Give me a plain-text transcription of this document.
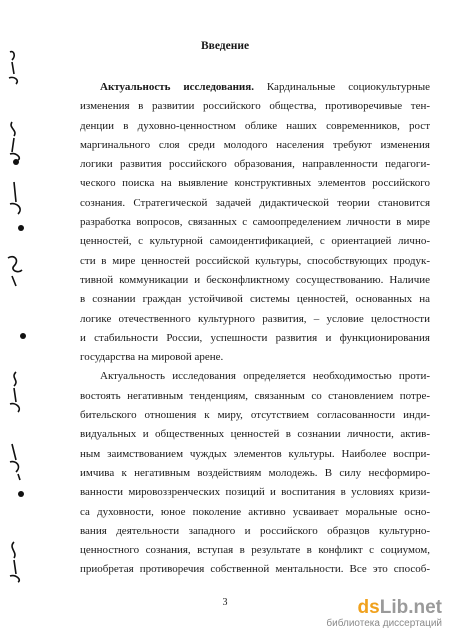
Введение
Актуальность исследования. Кардинальные социокультурные
изменения в развитии российского общества, противоречивые тен-
денции в духовно-ценностном облике наших современников, рост
маргинального слоя среди молодого населения требуют изменения
логики развития российского образования, направленности педагоги-
ческого поиска на выявление конструктивных элементов российского
сознания. Стратегической задачей дидактической теории становится
разработка вопросов, связанных с самоопределением личности в мире
ценностей, с культурной самоидентификацией, с ориентацией лично-
сти в мире ценностей российской культуры, способствующих продук-
тивной коммуникации и бесконфликтному сосуществованию. Наличие
в сознании граждан устойчивой системы ценностей, основанных на
логике отечественного культурного развития, – условие целостности
и стабильности России, успешности развития и функционирования
государства на мировой арене.
Актуальность исследования определяется необходимостью проти-
востоять негативным тенденциям, связанным со становлением потре-
бительского отношения к миру, отсутствием согласованности инди-
видуальных и общественных ценностей в сознании личности, актив-
ным заимствованием чуждых элементов культуры. Наиболее воспри-
имчива к негативным воздействиям молодежь. В силу несформиро-
ванности мировоззренческих позиций и воспитания в условиях кризи-
са духовности, юное поколение активно усваивает моральные осно-
вания деятельности западного и российского образцов культурно-
ценностного сознания, вступая в результате в конфликт с социумом,
приобретая противоречия собственной ментальности. Все это способ-
3	dsLib.net
библиотека диссертаций
